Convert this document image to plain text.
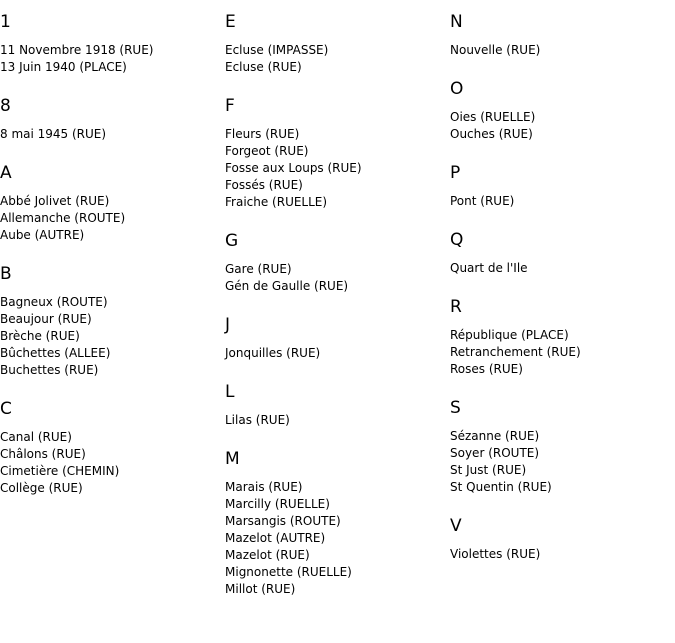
1
11 Novembre 1918 (RUE)
13 Juin 1940 (PLACE)
8
8 mai 1945 (RUE)
A
Abbé Jolivet (RUE)
Allemanche (ROUTE)
Aube (AUTRE)
B
Bagneux (ROUTE)
Beaujour (RUE)
Brèche (RUE)
Bûchettes (ALLEE)
Buchettes (RUE)
C
Canal (RUE)
Châlons (RUE)
Cimetière (CHEMIN)
Collège (RUE)
E
Ecluse (IMPASSE)
Ecluse (RUE)
F
Fleurs (RUE)
Forgeot (RUE)
Fosse aux Loups (RUE)
Fossés (RUE)
Fraiche (RUELLE)
G
Gare (RUE)
Gén de Gaulle (RUE)
J
Jonquilles (RUE)
L
Lilas (RUE)
M
Marais (RUE)
Marcilly (RUELLE)
Marsangis (ROUTE)
Mazelot (AUTRE)
Mazelot (RUE)
Mignonette (RUELLE)
Millot (RUE)
N
Nouvelle (RUE)
O
Oies (RUELLE)
Ouches (RUE)
P
Pont (RUE)
Q
Quart de l'Ile
R
République (PLACE)
Retranchement (RUE)
Roses (RUE)
S
Sézanne (RUE)
Soyer (ROUTE)
St Just (RUE)
St Quentin (RUE)
V
Violettes (RUE)
